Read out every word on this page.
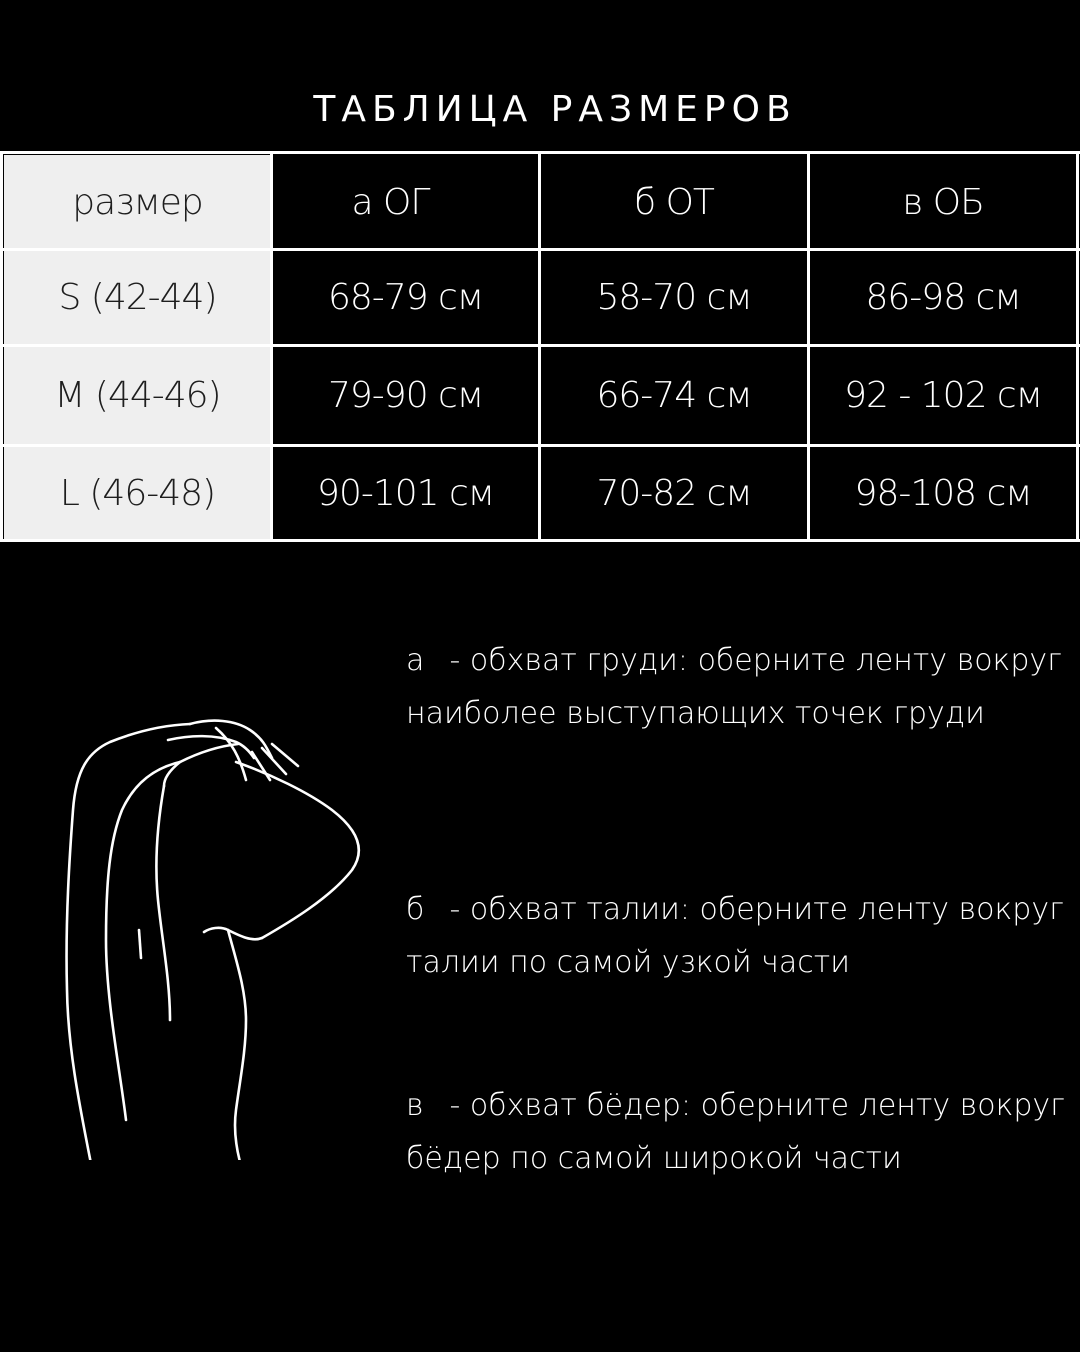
ТАБЛИЦА РАЗМЕРОВ
размер	а ОГ	б ОТ	в ОБ
S (42-44)	68-79 см	58-70 см	86-98 см
M (44-46)	79-90 см	66-74 см	92 - 102 см
L (46-48)	90-101 см	70-82 см	98-108 см
а - обхват груди: оберните ленту вокруг наиболее выступающих точек груди
б - обхват талии: оберните ленту вокруг талии по самой узкой части
в - обхват бёдер: оберните ленту вокруг бёдер по самой широкой части
